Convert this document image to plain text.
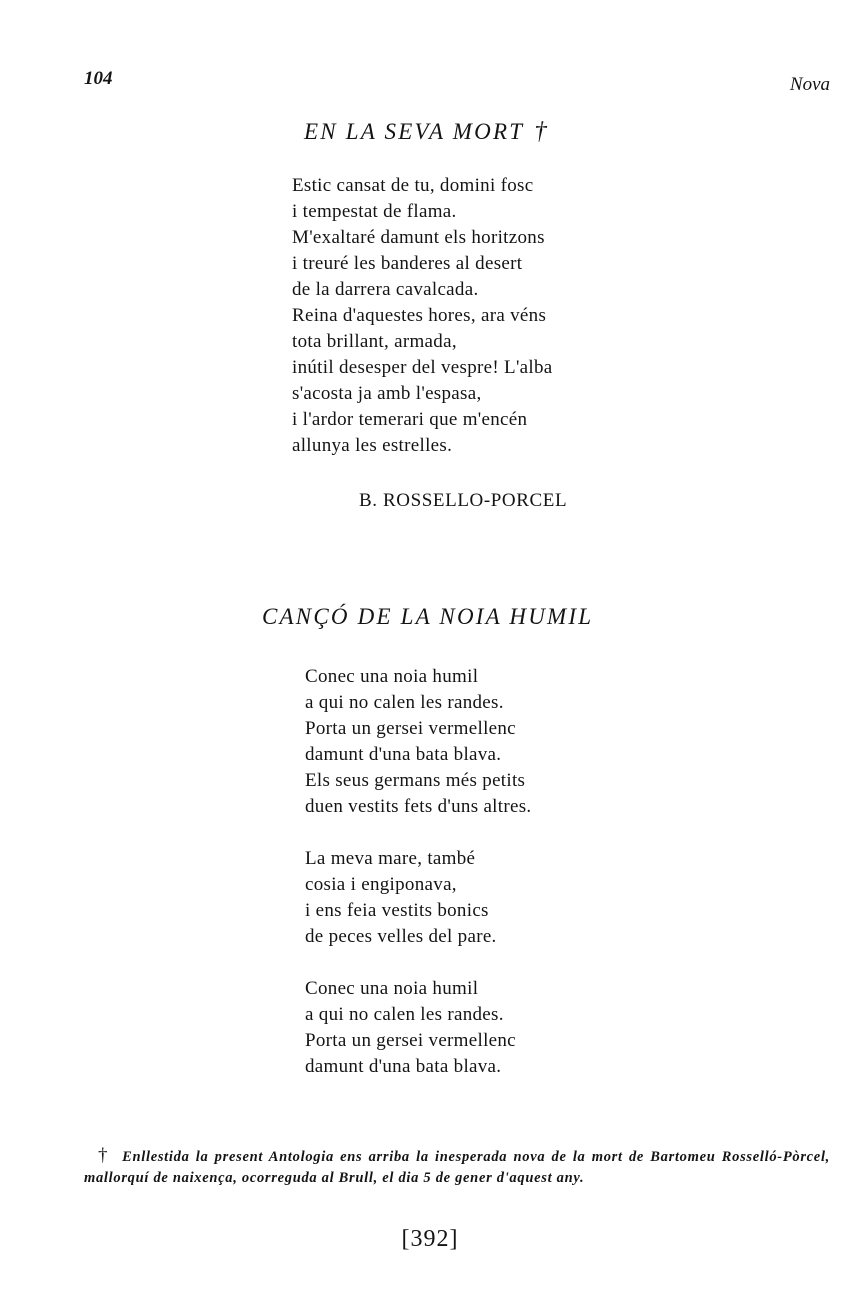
104	Nova
EN LA SEVA MORT †
Estic cansat de tu, domini fosc
i tempestat de flama.
M'exaltaré damunt els horitzons
i treuré les banderes al desert
de la darrera cavalcada.
Reina d'aquestes hores, ara véns
tota brillant, armada,
inútil desesper del vespre! L'alba
s'acosta ja amb l'espasa,
i l'ardor temerari que m'encén
allunya les estrelles.
B. ROSSELLO-PORCEL
CANÇÓ DE LA NOIA HUMIL
Conec una noia humil
a qui no calen les randes.
Porta un gersei vermellenc
damunt d'una bata blava.
Els seus germans més petits
duen vestits fets d'uns altres.
La meva mare, també
cosia i engiponava,
i ens feia vestits bonics
de peces velles del pare.
Conec una noia humil
a qui no calen les randes.
Porta un gersei vermellenc
damunt d'una bata blava.
† Enllestida la present Antologia ens arriba la inesperada nova de la mort de Bartomeu Rosselló-Pòrcel, mallorquí de naixença, ocorreguda al Brull, el dia 5 de gener d'aquest any.
[392]
